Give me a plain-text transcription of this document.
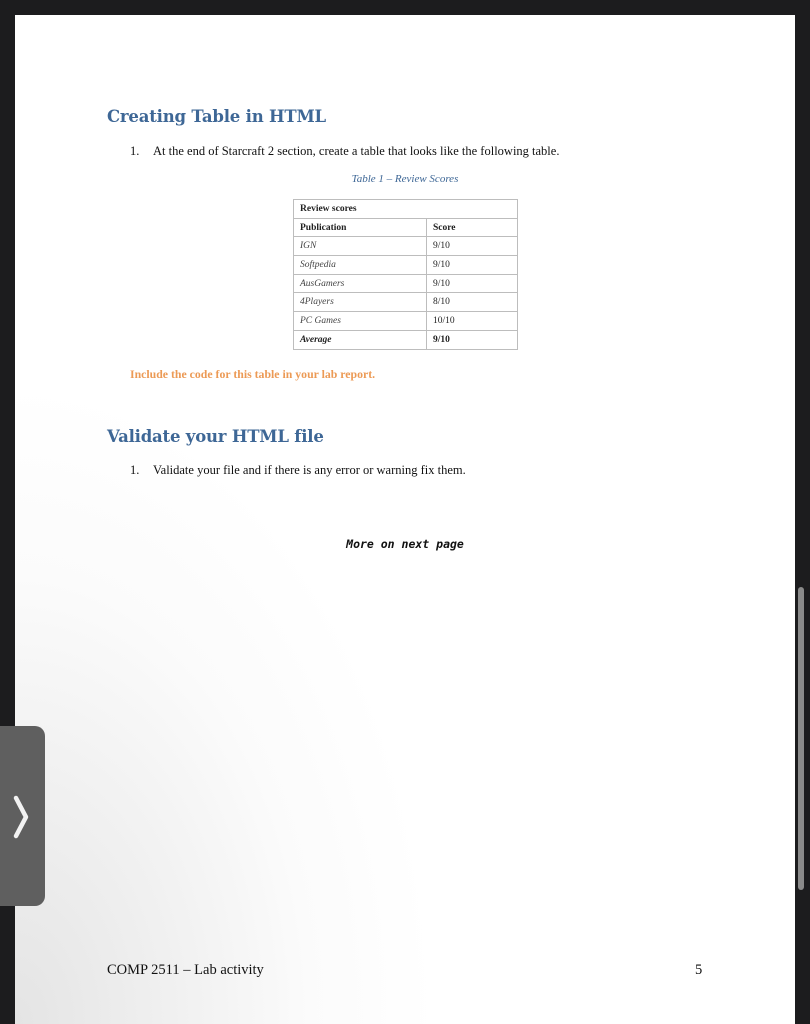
Creating Table in HTML
1. At the end of Starcraft 2 section, create a table that looks like the following table.
Table 1 – Review Scores
Review scores	
Publication	Score
IGN	9/10
Softpedia	9/10
AusGamers	9/10
4Players	8/10
PC Games	10/10
Average	9/10
Include the code for this table in your lab report.
Validate your HTML file
1. Validate your file and if there is any error or warning fix them.
More on next page
COMP 2511 – Lab activity	5
